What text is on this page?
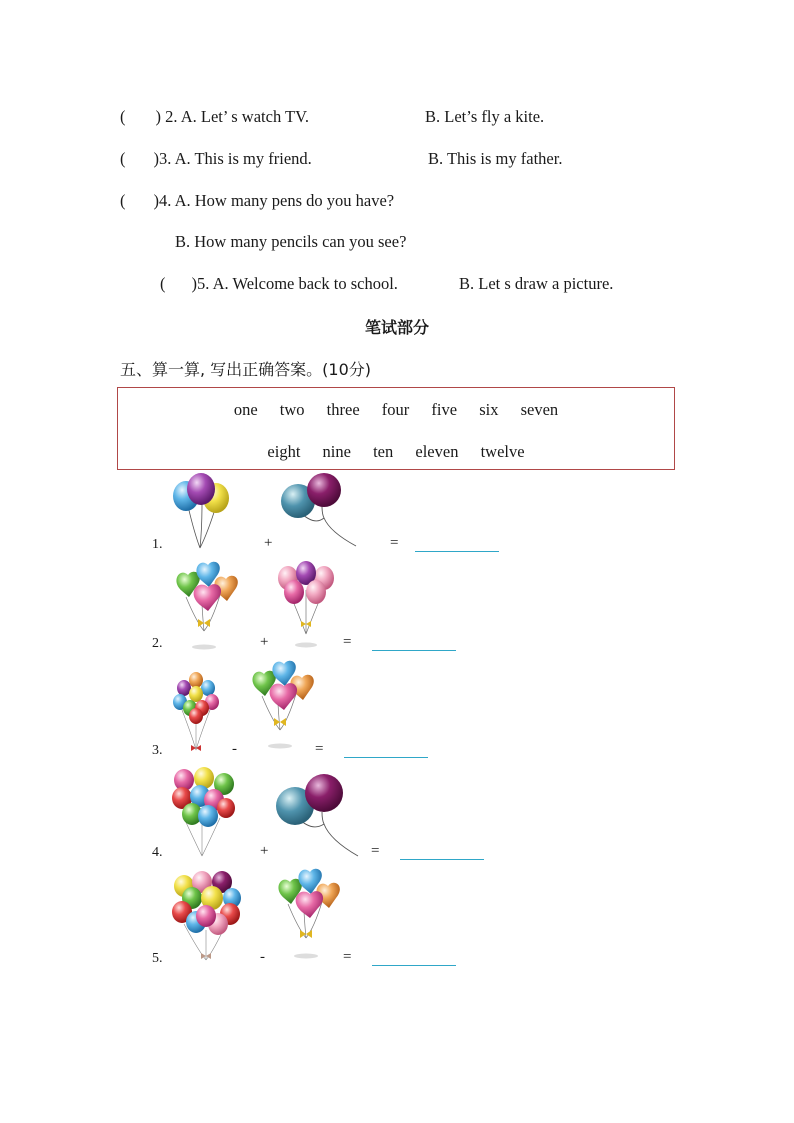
( ) 2. A. Let’ s watch TV.	B. Let’s fly a kite.
( )3. A. This is my friend.	B. This is my father.
( )4. A. How many pens do you have?
B. How many pencils can you see?
( )5. A. Welcome back to school.	B. Let s draw a picture.
笔试部分
五、算一算, 写出正确答案。(10分)
one two three four five six seven
eight nine ten eleven twelve
1.	+	=
2.	+	=
3.	-	=
4.	+	=
5.	-	=
